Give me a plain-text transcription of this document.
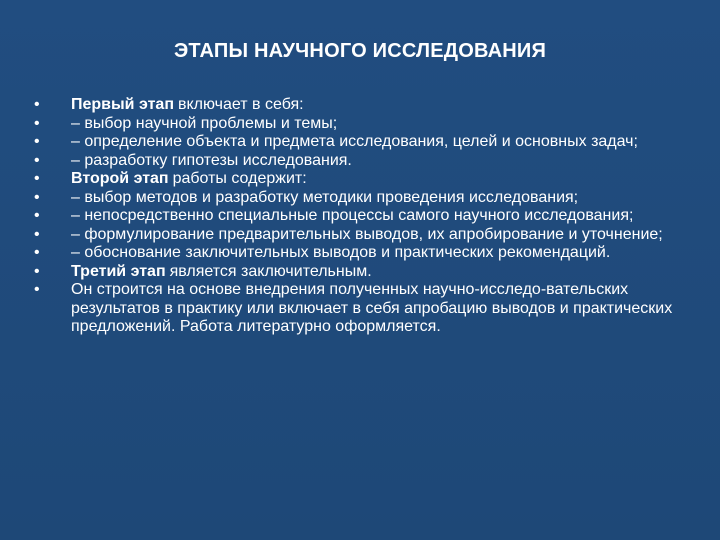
ЭТАПЫ НАУЧНОГО ИССЛЕДОВАНИЯ
•	Первый этап включает в себя:
•	– выбор научной проблемы и темы;
•	– определение объекта и предмета исследования, целей и основных задач;
•	– разработку гипотезы исследования.
•	Второй этап работы содержит:
•	– выбор методов и разработку методики проведения исследования;
•	– непосредственно специальные процессы самого научного исследования;
•	– формулирование предварительных выводов, их апробирование и уточнение;
•	– обоснование заключительных выводов и практических рекомендаций.
•	Третий этап является заключительным.
•	Он строится на основе внедрения полученных научно-исследо-вательских результатов в практику или включает в себя апробацию выводов и практических предложений. Работа литературно оформляется.
